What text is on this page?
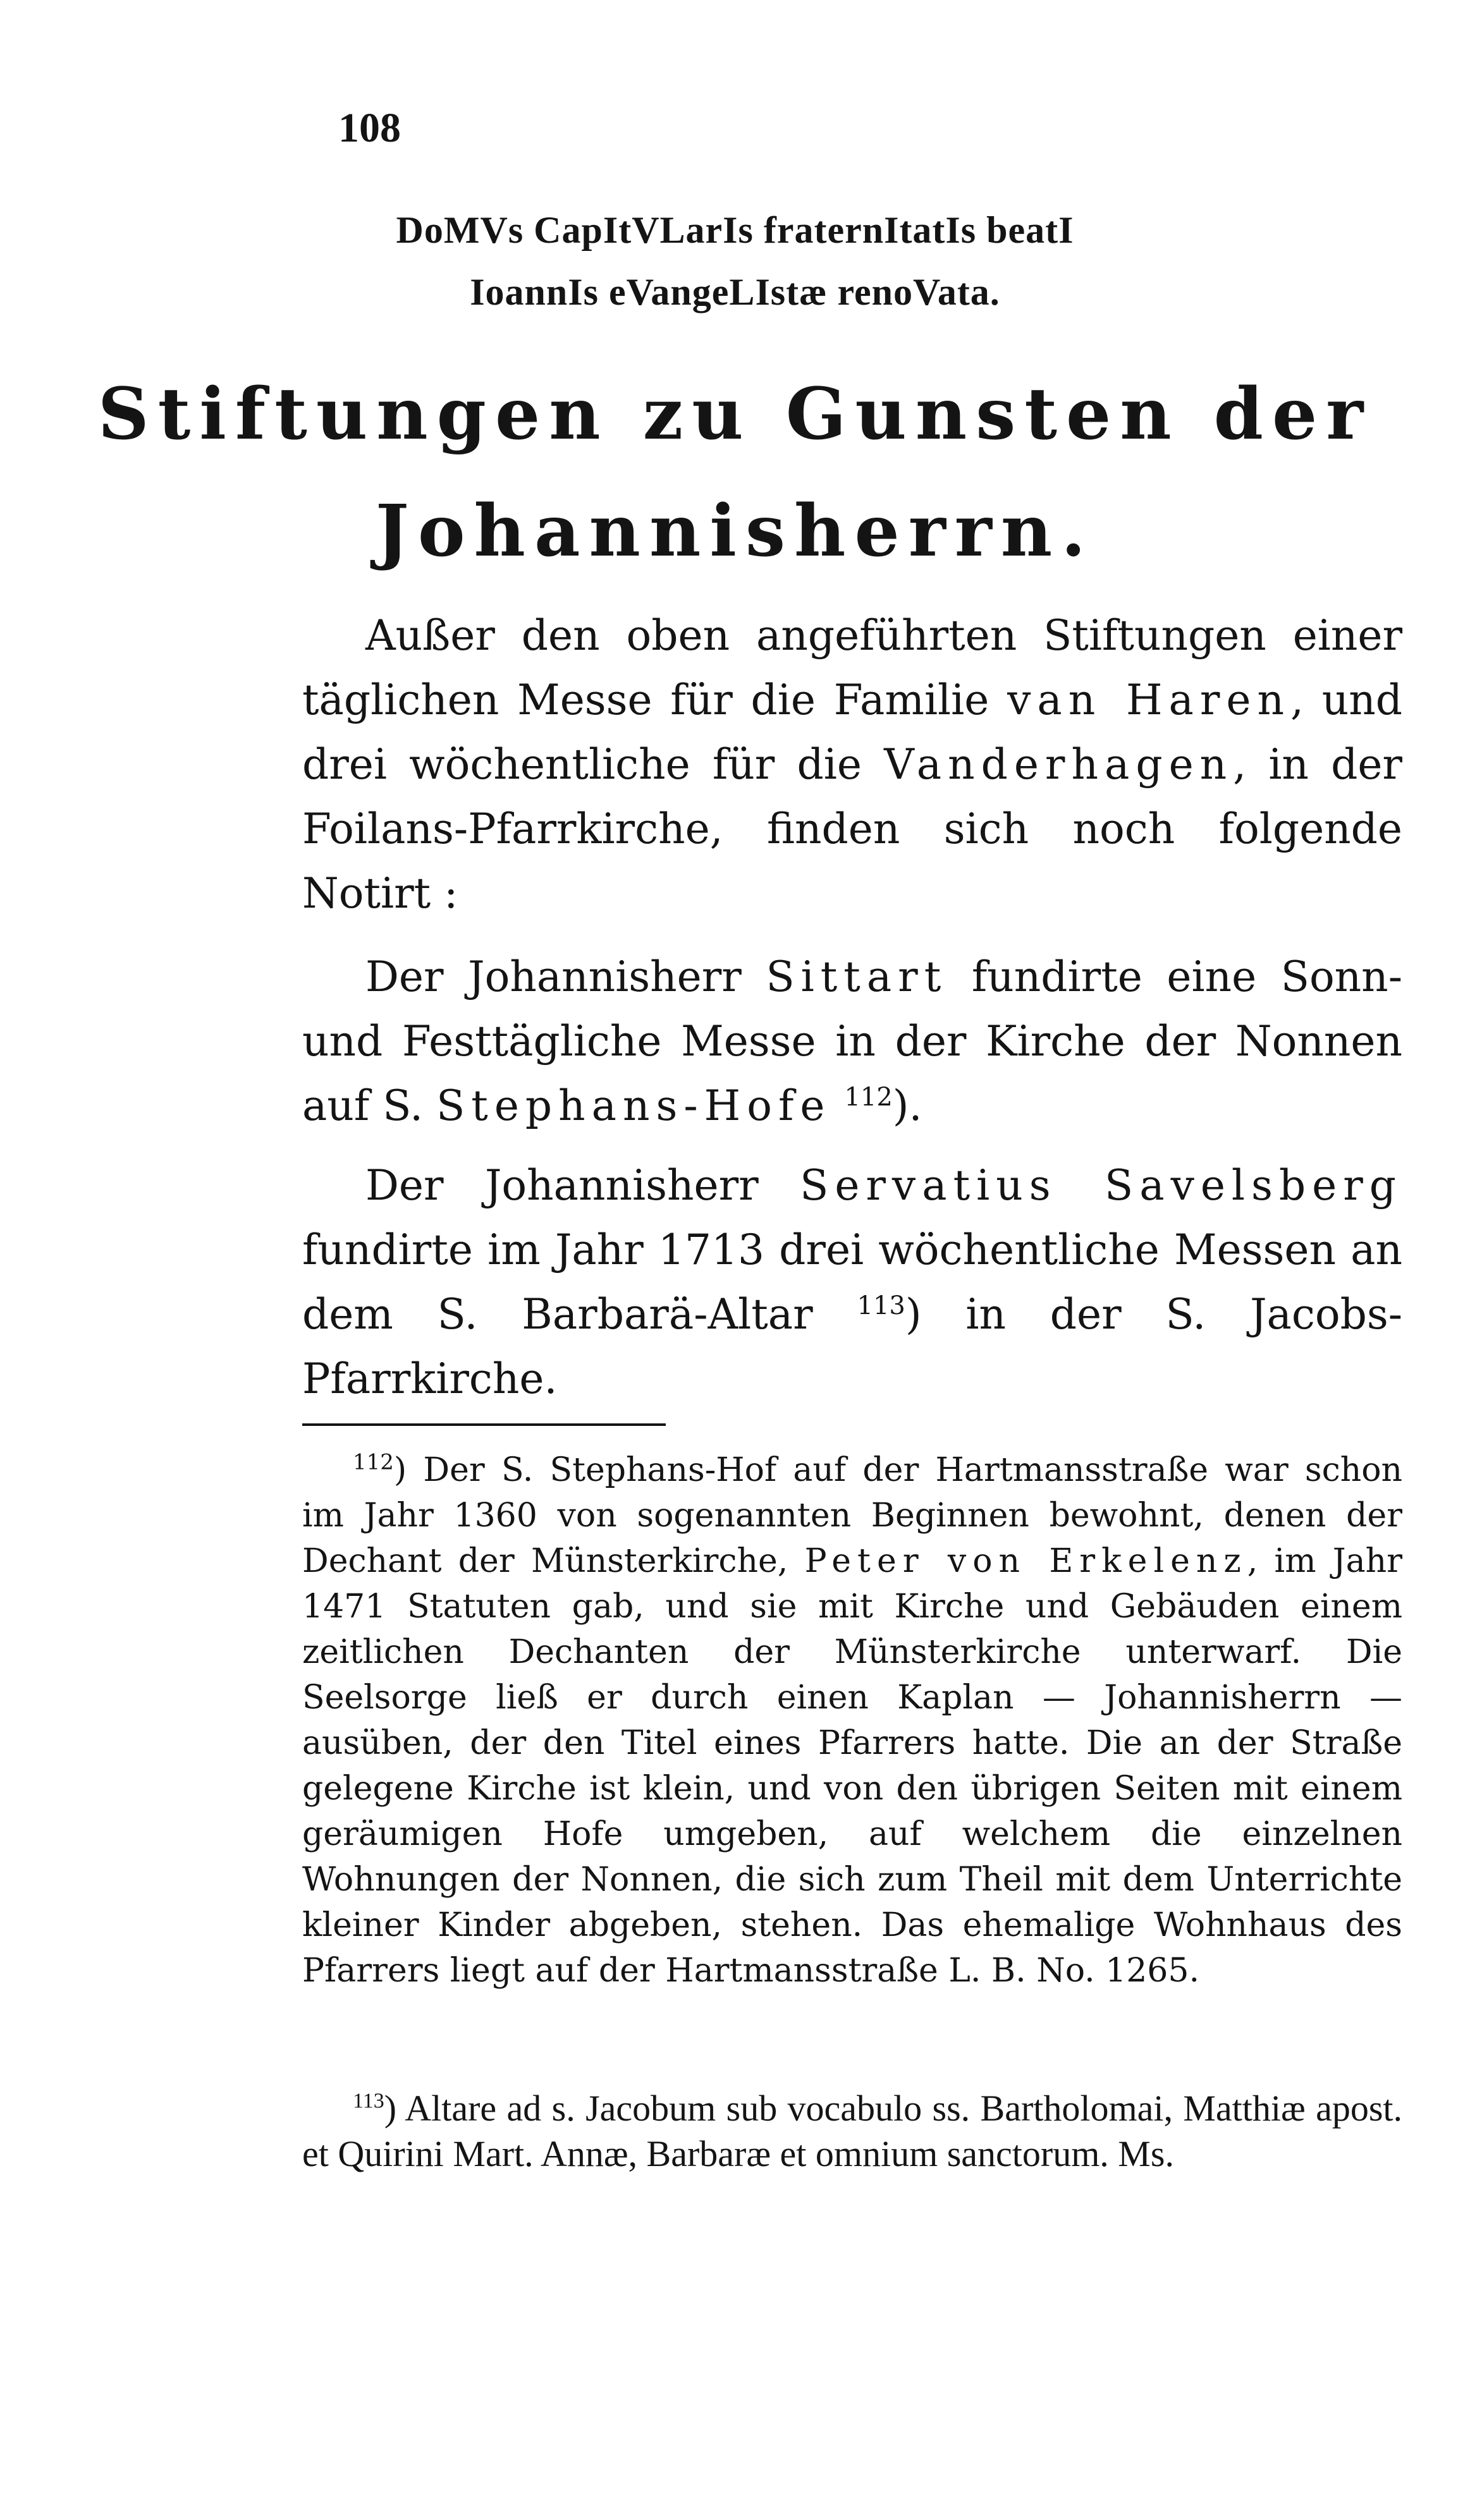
108
DoMVs CapItVLarIs fraternItatIs beatI
IoannIs eVangeLIstæ renoVata.
Stiftungen zu Gunsten der
Johannisherrn.

Außer den oben angeführten Stiftungen einer täglichen Messe für die Familie van Haren, und drei wöchentliche für die Vanderhagen, in der Foilans-Pfarrkirche, finden sich noch folgende Notirt :

Der Johannisherr Sittart fundirte eine Sonn- und Festtägliche Messe in der Kirche der Nonnen auf S. Stephans-Hofe $^{112}$).

Der Johannisherr Servatius Savelsberg fundirte im Jahr 1713 drei wöchentliche Messen an dem S. Barbarä-Altar $^{113}$) in der S. Jacobs-Pfarrkirche.

$^{112}$) Der S. Stephans-Hof auf der Hartmansstraße war schon im Jahr 1360 von sogenannten Beginnen bewohnt, denen der Dechant der Münsterkirche, Peter von Erkelenz, im Jahr 1471 Statuten gab, und sie mit Kirche und Gebäuden einem zeitlichen Dechanten der Münsterkirche unterwarf. Die Seelsorge ließ er durch einen Kaplan — Johannisherrn — ausüben, der den Titel eines Pfarrers hatte. Die an der Straße gelegene Kirche ist klein, und von den übrigen Seiten mit einem geräumigen Hofe umgeben, auf welchem die einzelnen Wohnungen der Nonnen, die sich zum Theil mit dem Unterrichte kleiner Kinder abgeben, stehen. Das ehemalige Wohnhaus des Pfarrers liegt auf der Hartmansstraße L. B. No. 1265.

$^{113}$) Altare ad s. Jacobum sub vocabulo ss. Bartholomai, Matthiæ apost. et Quirini Mart. Annæ, Barbaræ et omnium sanctorum. Ms.
